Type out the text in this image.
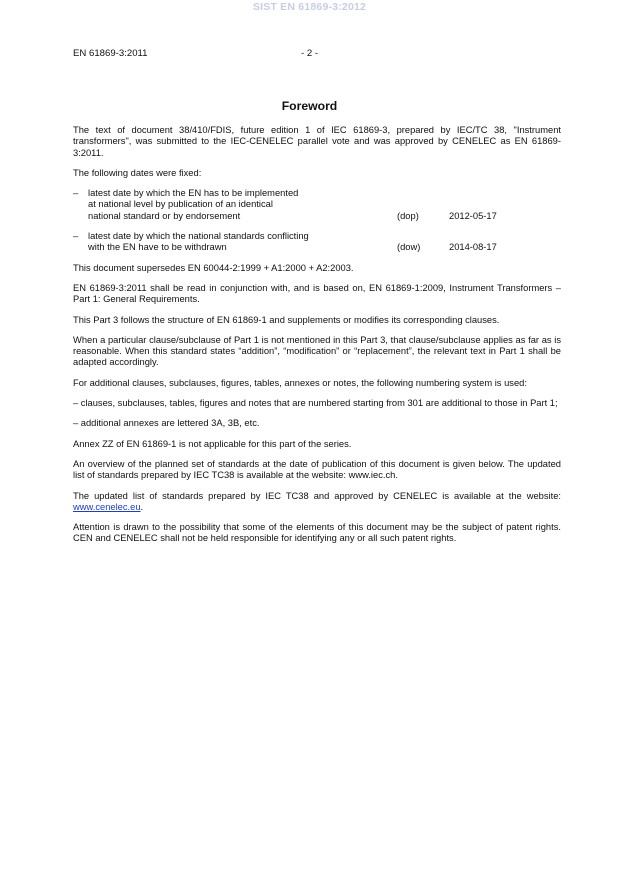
SIST EN 61869-3:2012
EN 61869-3:2011	- 2 -
Foreword

The text of document 38/410/FDIS, future edition 1 of IEC 61869-3, prepared by IEC/TC 38, "Instrument transformers", was submitted to the IEC-CENELEC parallel vote and was approved by CENELEC as EN 61869-3:2011.

The following dates were fixed:

– latest date by which the EN has to be implemented
at national level by publication of an identical
national standard or by endorsement	(dop)	2012-05-17
– latest date by which the national standards conflicting
with the EN have to be withdrawn	(dow)	2014-08-17

This document supersedes EN 60044-2:1999 + A1:2000 + A2:2003.

EN 61869-3:2011 shall be read in conjunction with, and is based on, EN 61869-1:2009, Instrument Transformers – Part 1: General Requirements.

This Part 3 follows the structure of EN 61869-1 and supplements or modifies its corresponding clauses.

When a particular clause/subclause of Part 1 is not mentioned in this Part 3, that clause/subclause applies as far as is reasonable. When this standard states “addition”, “modification” or “replacement”, the relevant text in Part 1 shall be adapted accordingly.

For additional clauses, subclauses, figures, tables, annexes or notes, the following numbering system is used:

– clauses, subclauses, tables, figures and notes that are numbered starting from 301 are additional to those in Part 1;

– additional annexes are lettered 3A, 3B, etc.

Annex ZZ of EN 61869-1 is not applicable for this part of the series.

An overview of the planned set of standards at the date of publication of this document is given below. The updated list of standards prepared by IEC TC38 is available at the website: www.iec.ch.

The updated list of standards prepared by IEC TC38 and approved by CENELEC is available at the website: www.cenelec.eu.

Attention is drawn to the possibility that some of the elements of this document may be the subject of patent rights. CEN and CENELEC shall not be held responsible for identifying any or all such patent rights.
